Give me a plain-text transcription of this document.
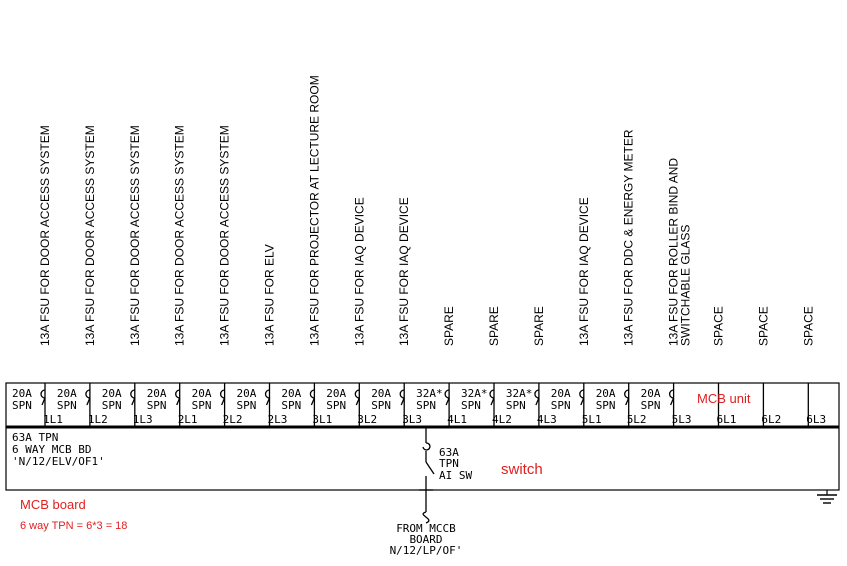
20A
SPN
1L1
13A FSU FOR DOOR ACCESS SYSTEM
20A
SPN
1L2
13A FSU FOR DOOR ACCESS SYSTEM
20A
SPN
1L3
13A FSU FOR DOOR ACCESS SYSTEM
20A
SPN
2L1
13A FSU FOR DOOR ACCESS SYSTEM
20A
SPN
2L2
13A FSU FOR DOOR ACCESS SYSTEM
20A
SPN
2L3
13A FSU FOR ELV
20A
SPN
3L1
13A FSU FOR PROJECTOR AT LECTURE ROOM
20A
SPN
3L2
13A FSU FOR IAQ DEVICE
20A
SPN
3L3
13A FSU FOR IAQ DEVICE
32A*
SPN
4L1
SPARE
32A*
SPN
4L2
SPARE
32A*
SPN
4L3
SPARE
20A
SPN
5L1
13A FSU FOR IAQ DEVICE
20A
SPN
5L2
13A FSU FOR DDC & ENERGY METER
20A
SPN
5L3
13A FSU FOR ROLLER BIND AND
SWITCHABLE GLASS
6L1
SPACE
6L2
SPACE
6L3
SPACE
63A TPN
6 WAY MCB BD
'N/12/ELV/OF1'
63A
TPN
AI SW
FROM MCCB
BOARD
N/12/LP/OF'
MCB unit
switch
MCB board
6 way TPN = 6*3 = 18
